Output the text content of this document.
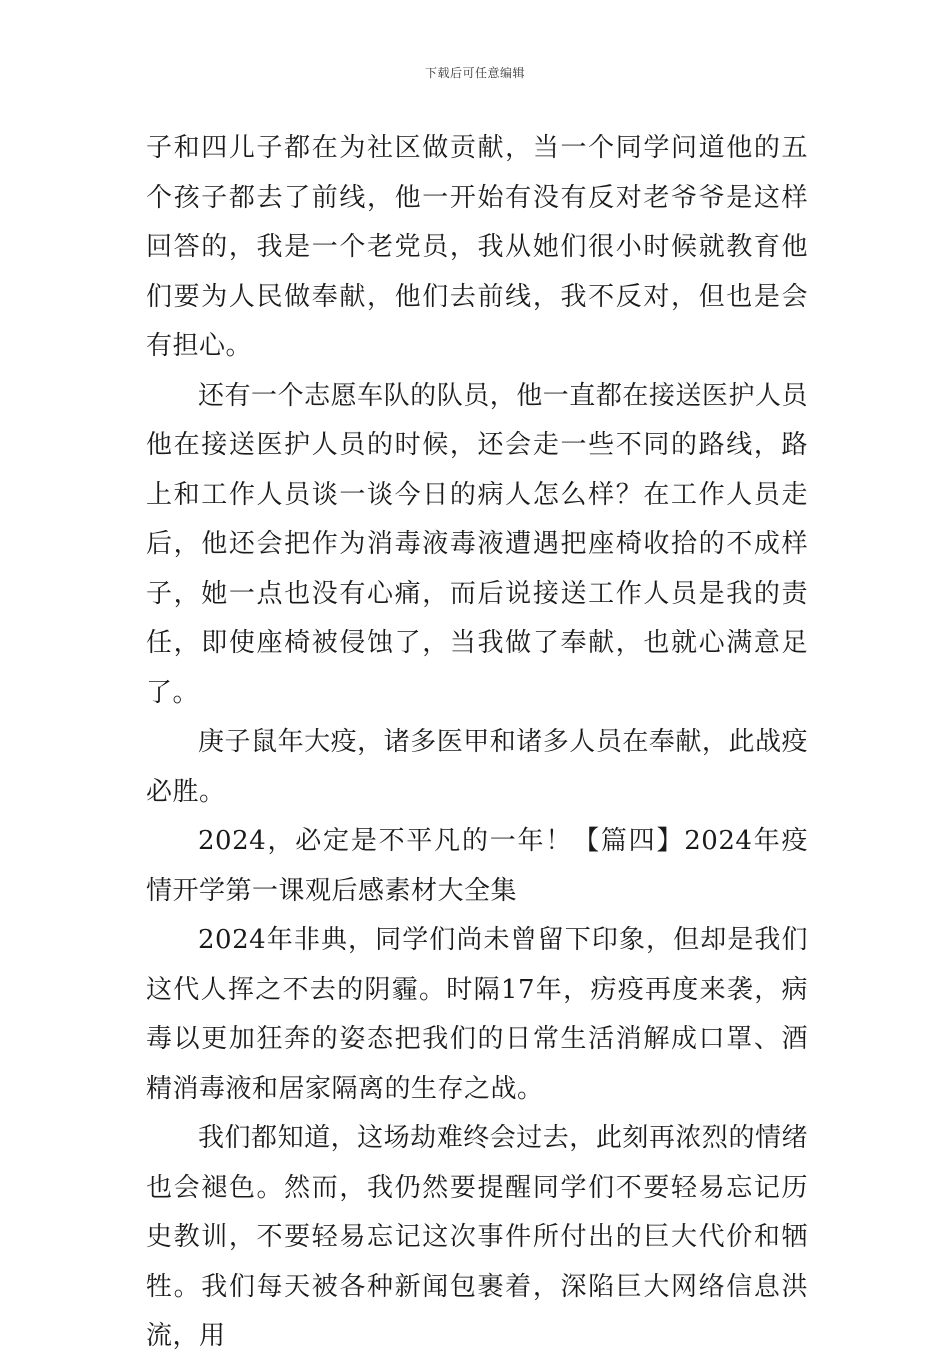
下载后可任意编辑

子和四儿子都在为社区做贡献，当一个同学问道他的五个孩子都去了前线，他一开始有没有反对老爷爷是这样回答的，我是一个老党员，我从她们很小时候就教育他们要为人民做奉献，他们去前线，我不反对，但也是会有担心。

还有一个志愿车队的队员，他一直都在接送医护人员他在接送医护人员的时候，还会走一些不同的路线，路上和工作人员谈一谈今日的病人怎么样？在工作人员走后，他还会把作为消毒液毒液遭遇把座椅收拾的不成样子，她一点也没有心痛，而后说接送工作人员是我的责任，即使座椅被侵蚀了，当我做了奉献，也就心满意足了。

庚子鼠年大疫，诸多医甲和诸多人员在奉献，此战疫必胜。

2024，必定是不平凡的一年！【篇四】2024年疫情开学第一课观后感素材大全集

2024年非典，同学们尚未曾留下印象，但却是我们这代人挥之不去的阴霾。时隔17年，疠疫再度来袭，病毒以更加狂奔的姿态把我们的日常生活消解成口罩、酒精消毒液和居家隔离的生存之战。

我们都知道，这场劫难终会过去，此刻再浓烈的情绪也会褪色。然而，我仍然要提醒同学们不要轻易忘记历史教训，不要轻易忘记这次事件所付出的巨大代价和牺牲。我们每天被各种新闻包裹着，深陷巨大网络信息洪流，用
